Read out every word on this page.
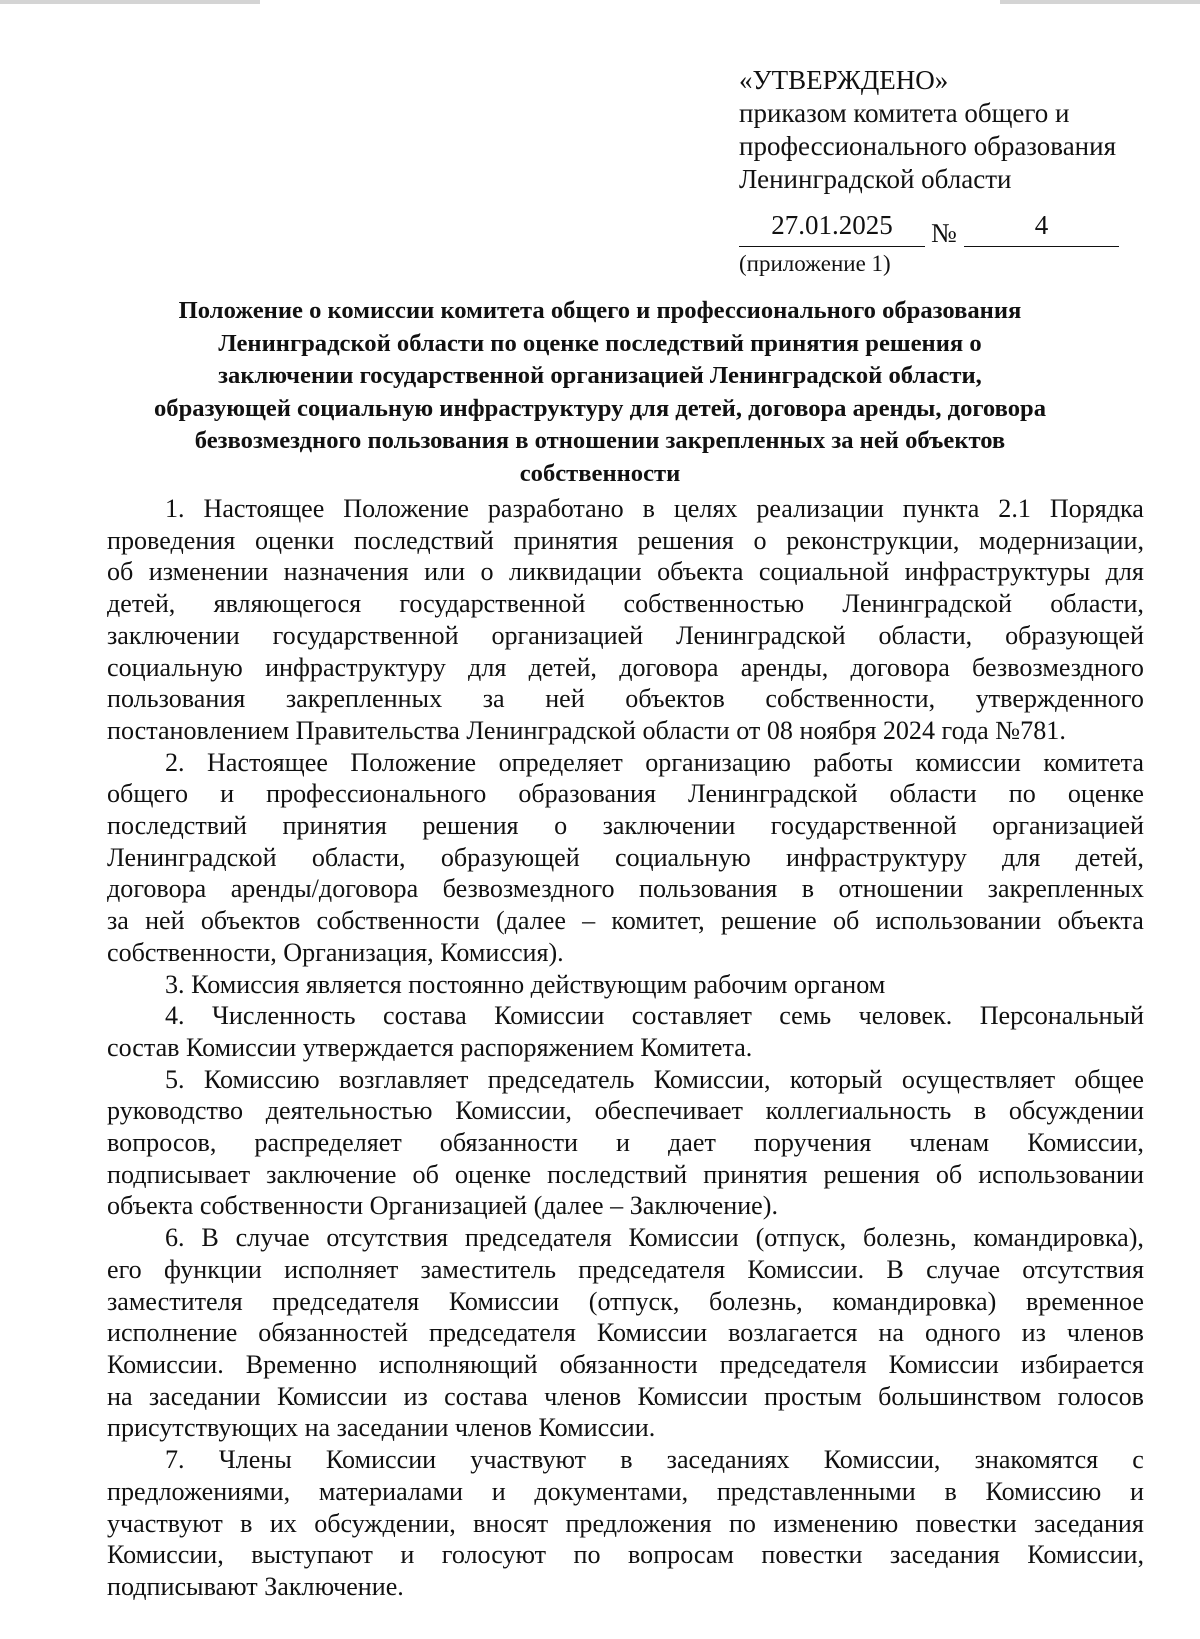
«УТВЕРЖДЕНО»
приказом комитета общего и
профессионального образования
Ленинградской области
27.01.2025	№	4
(приложение 1)
Положение о комиссии комитета общего и профессионального образования
Ленинградской области по оценке последствий принятия решения о
заключении государственной организацией Ленинградской области,
образующей социальную инфраструктуру для детей, договора аренды, договора
безвозмездного пользования в отношении закрепленных за ней объектов
собственности
1. Настоящее Положение разработано в целях реализации пункта 2.1 Порядка
проведения оценки последствий принятия решения о реконструкции, модернизации,
об изменении назначения или о ликвидации объекта социальной инфраструктуры для
детей, являющегося государственной собственностью Ленинградской области,
заключении государственной организацией Ленинградской области, образующей
социальную инфраструктуру для детей, договора аренды, договора безвозмездного
пользования закрепленных за ней объектов собственности, утвержденного
постановлением Правительства Ленинградской области от 08 ноября 2024 года №781.
2. Настоящее Положение определяет организацию работы комиссии комитета
общего и профессионального образования Ленинградской области по оценке
последствий принятия решения о заключении государственной организацией
Ленинградской области, образующей социальную инфраструктуру для детей,
договора аренды/договора безвозмездного пользования в отношении закрепленных
за ней объектов собственности (далее – комитет, решение об использовании объекта
собственности, Организация, Комиссия).
3. Комиссия является постоянно действующим рабочим органом
4. Численность состава Комиссии составляет семь человек. Персональный
состав Комиссии утверждается распоряжением Комитета.
5. Комиссию возглавляет председатель Комиссии, который осуществляет общее
руководство деятельностью Комиссии, обеспечивает коллегиальность в обсуждении
вопросов, распределяет обязанности и дает поручения членам Комиссии,
подписывает заключение об оценке последствий принятия решения об использовании
объекта собственности Организацией (далее – Заключение).
6. В случае отсутствия председателя Комиссии (отпуск, болезнь, командировка),
его функции исполняет заместитель председателя Комиссии. В случае отсутствия
заместителя председателя Комиссии (отпуск, болезнь, командировка) временное
исполнение обязанностей председателя Комиссии возлагается на одного из членов
Комиссии. Временно исполняющий обязанности председателя Комиссии избирается
на заседании Комиссии из состава членов Комиссии простым большинством голосов
присутствующих на заседании членов Комиссии.
7. Члены Комиссии участвуют в заседаниях Комиссии, знакомятся с
предложениями, материалами и документами, представленными в Комиссию и
участвуют в их обсуждении, вносят предложения по изменению повестки заседания
Комиссии, выступают и голосуют по вопросам повестки заседания Комиссии,
подписывают Заключение.
